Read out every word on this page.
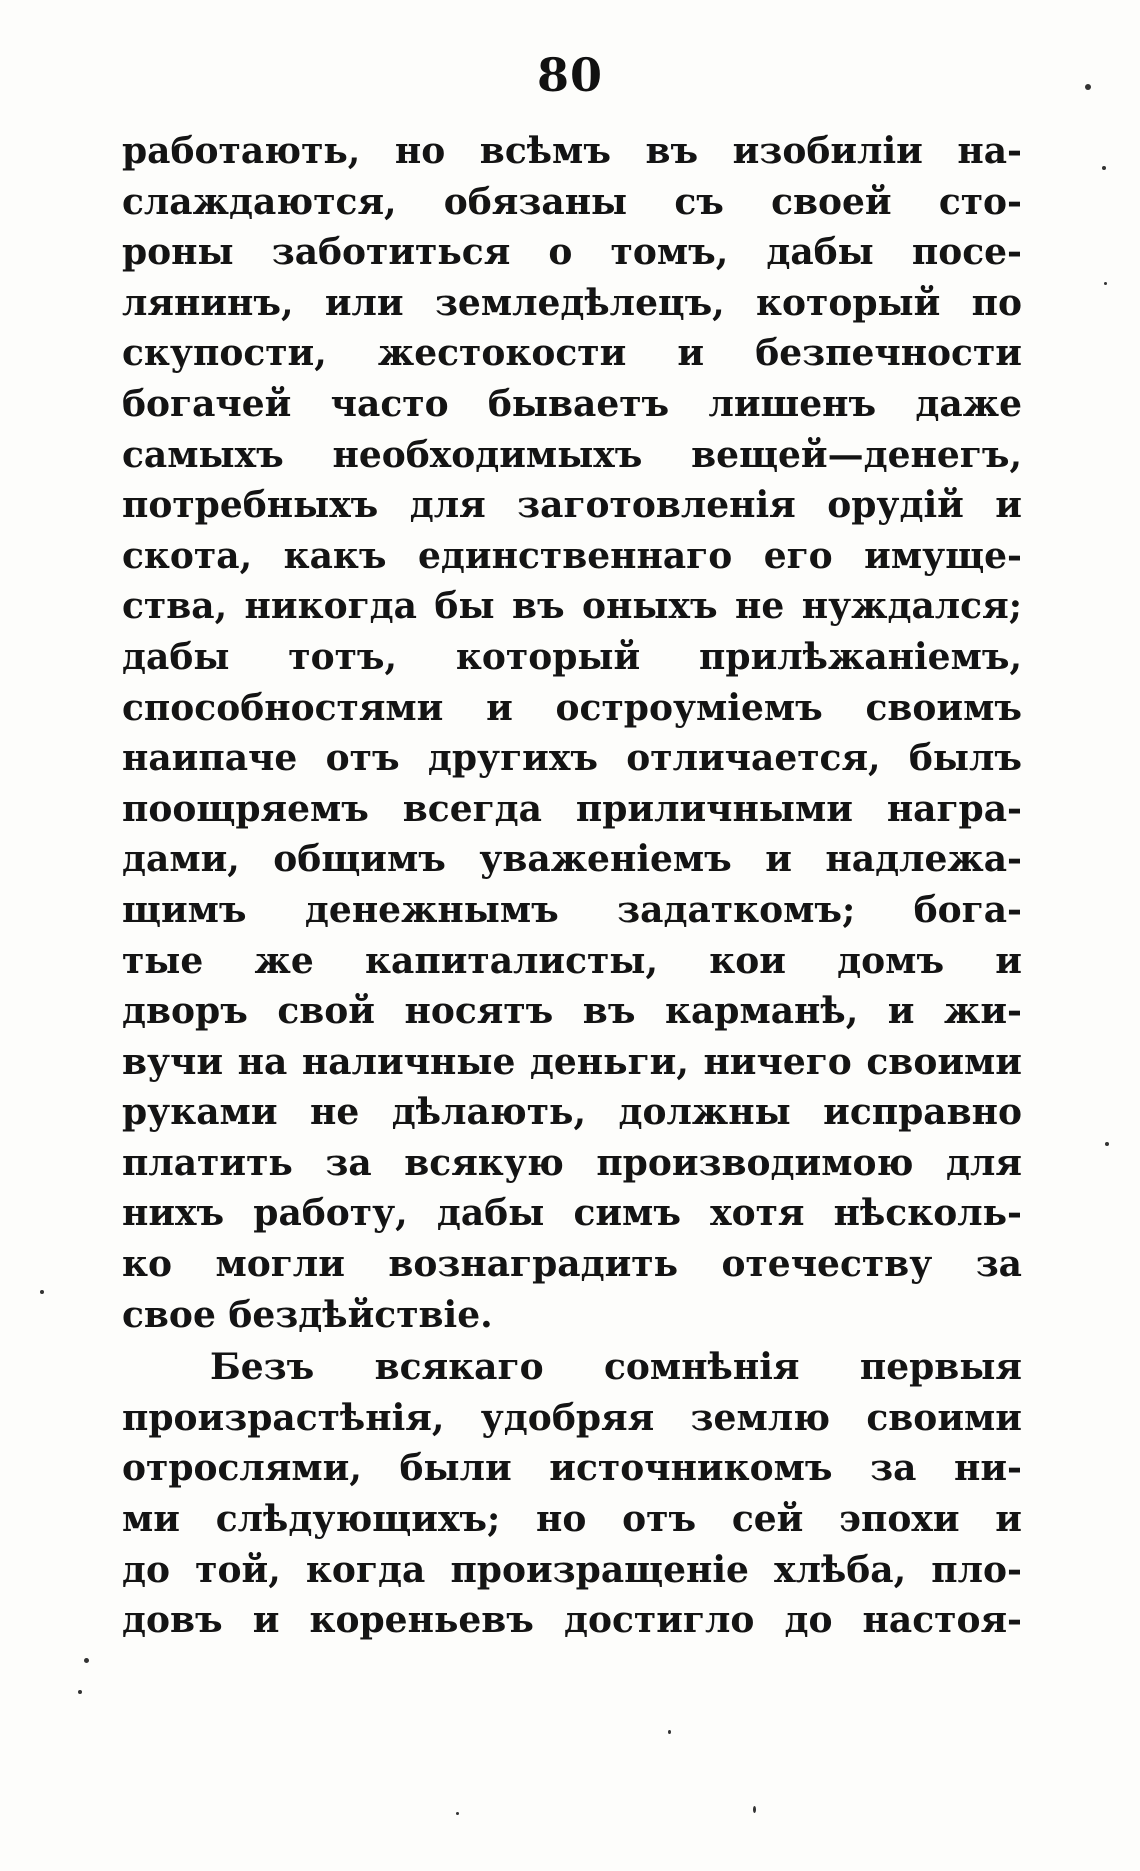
80
работають, но всѣмъ въ изобиліи на-
слаждаются, обязаны съ своей сто-
роны заботиться о томъ, дабы посе-
лянинъ, или земледѣлецъ, который по
скупости, жестокости и безпечности
богачей часто бываетъ лишенъ даже
самыхъ необходимыхъ вещей—денегъ,
потребныхъ для заготовленія орудій и
скота, какъ единственнаго его имуще-
ства, никогда бы въ оныхъ не нуждался;
дабы тотъ, который прилѣжаніемъ,
способностями и остроуміемъ своимъ
наипаче отъ другихъ отличается, былъ
поощряемъ всегда приличными награ-
дами, общимъ уваженіемъ и надлежа-
щимъ денежнымъ задаткомъ; бога-
тые же капиталисты, кои домъ и
дворъ свой носятъ въ карманѣ, и жи-
вучи на наличные деньги, ничего своими
руками не дѣлають, должны исправно
платить за всякую производимою для
нихъ работу, дабы симъ хотя нѣсколь-
ко могли вознаградить отечеству за
свое бездѣйствіе.
Безъ всякаго сомнѣнія первыя
произрастѣнія, удобряя землю своими
отрослями, были источникомъ за ни-
ми слѣдующихъ; но отъ сей эпохи и
до той, когда произращеніе хлѣба, пло-
довъ и кореньевъ достигло до настоя-
